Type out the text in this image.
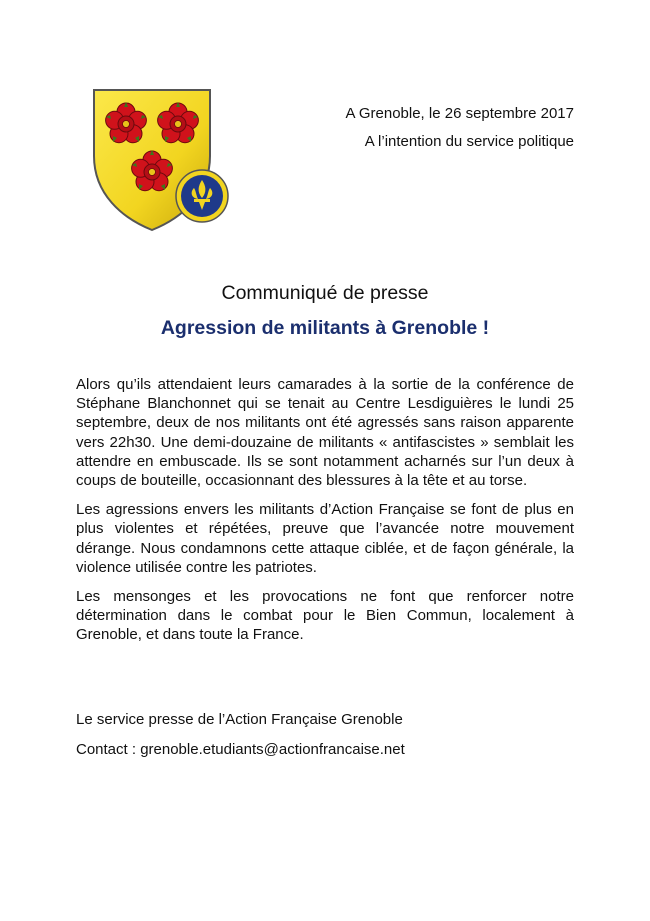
A Grenoble, le 26 septembre 2017
A l’intention du service politique
Communiqué de presse
Agression de militants à Grenoble !

Alors qu’ils attendaient leurs camarades à la sortie de la conférence de Stéphane Blanchonnet qui se tenait au Centre Lesdiguières le lundi 25 septembre, deux de nos militants ont été agressés sans raison apparente vers 22h30. Une demi-douzaine de militants « antifascistes » semblait les attendre en embuscade. Ils se sont notamment acharnés sur l’un deux à coups de bouteille, occasionnant des blessures à la tête et au torse.

Les agressions envers les militants d’Action Française se font de plus en plus violentes et répétées, preuve que l’avancée notre mouvement dérange. Nous condamnons cette attaque ciblée, et de façon générale, la violence utilisée contre les patriotes.

Les mensonges et les provocations ne font que renforcer notre détermination dans le combat pour le Bien Commun, localement à Grenoble, et dans toute la France.

Le service presse de l’Action Française Grenoble
Contact : grenoble.etudiants@actionfrancaise.net
